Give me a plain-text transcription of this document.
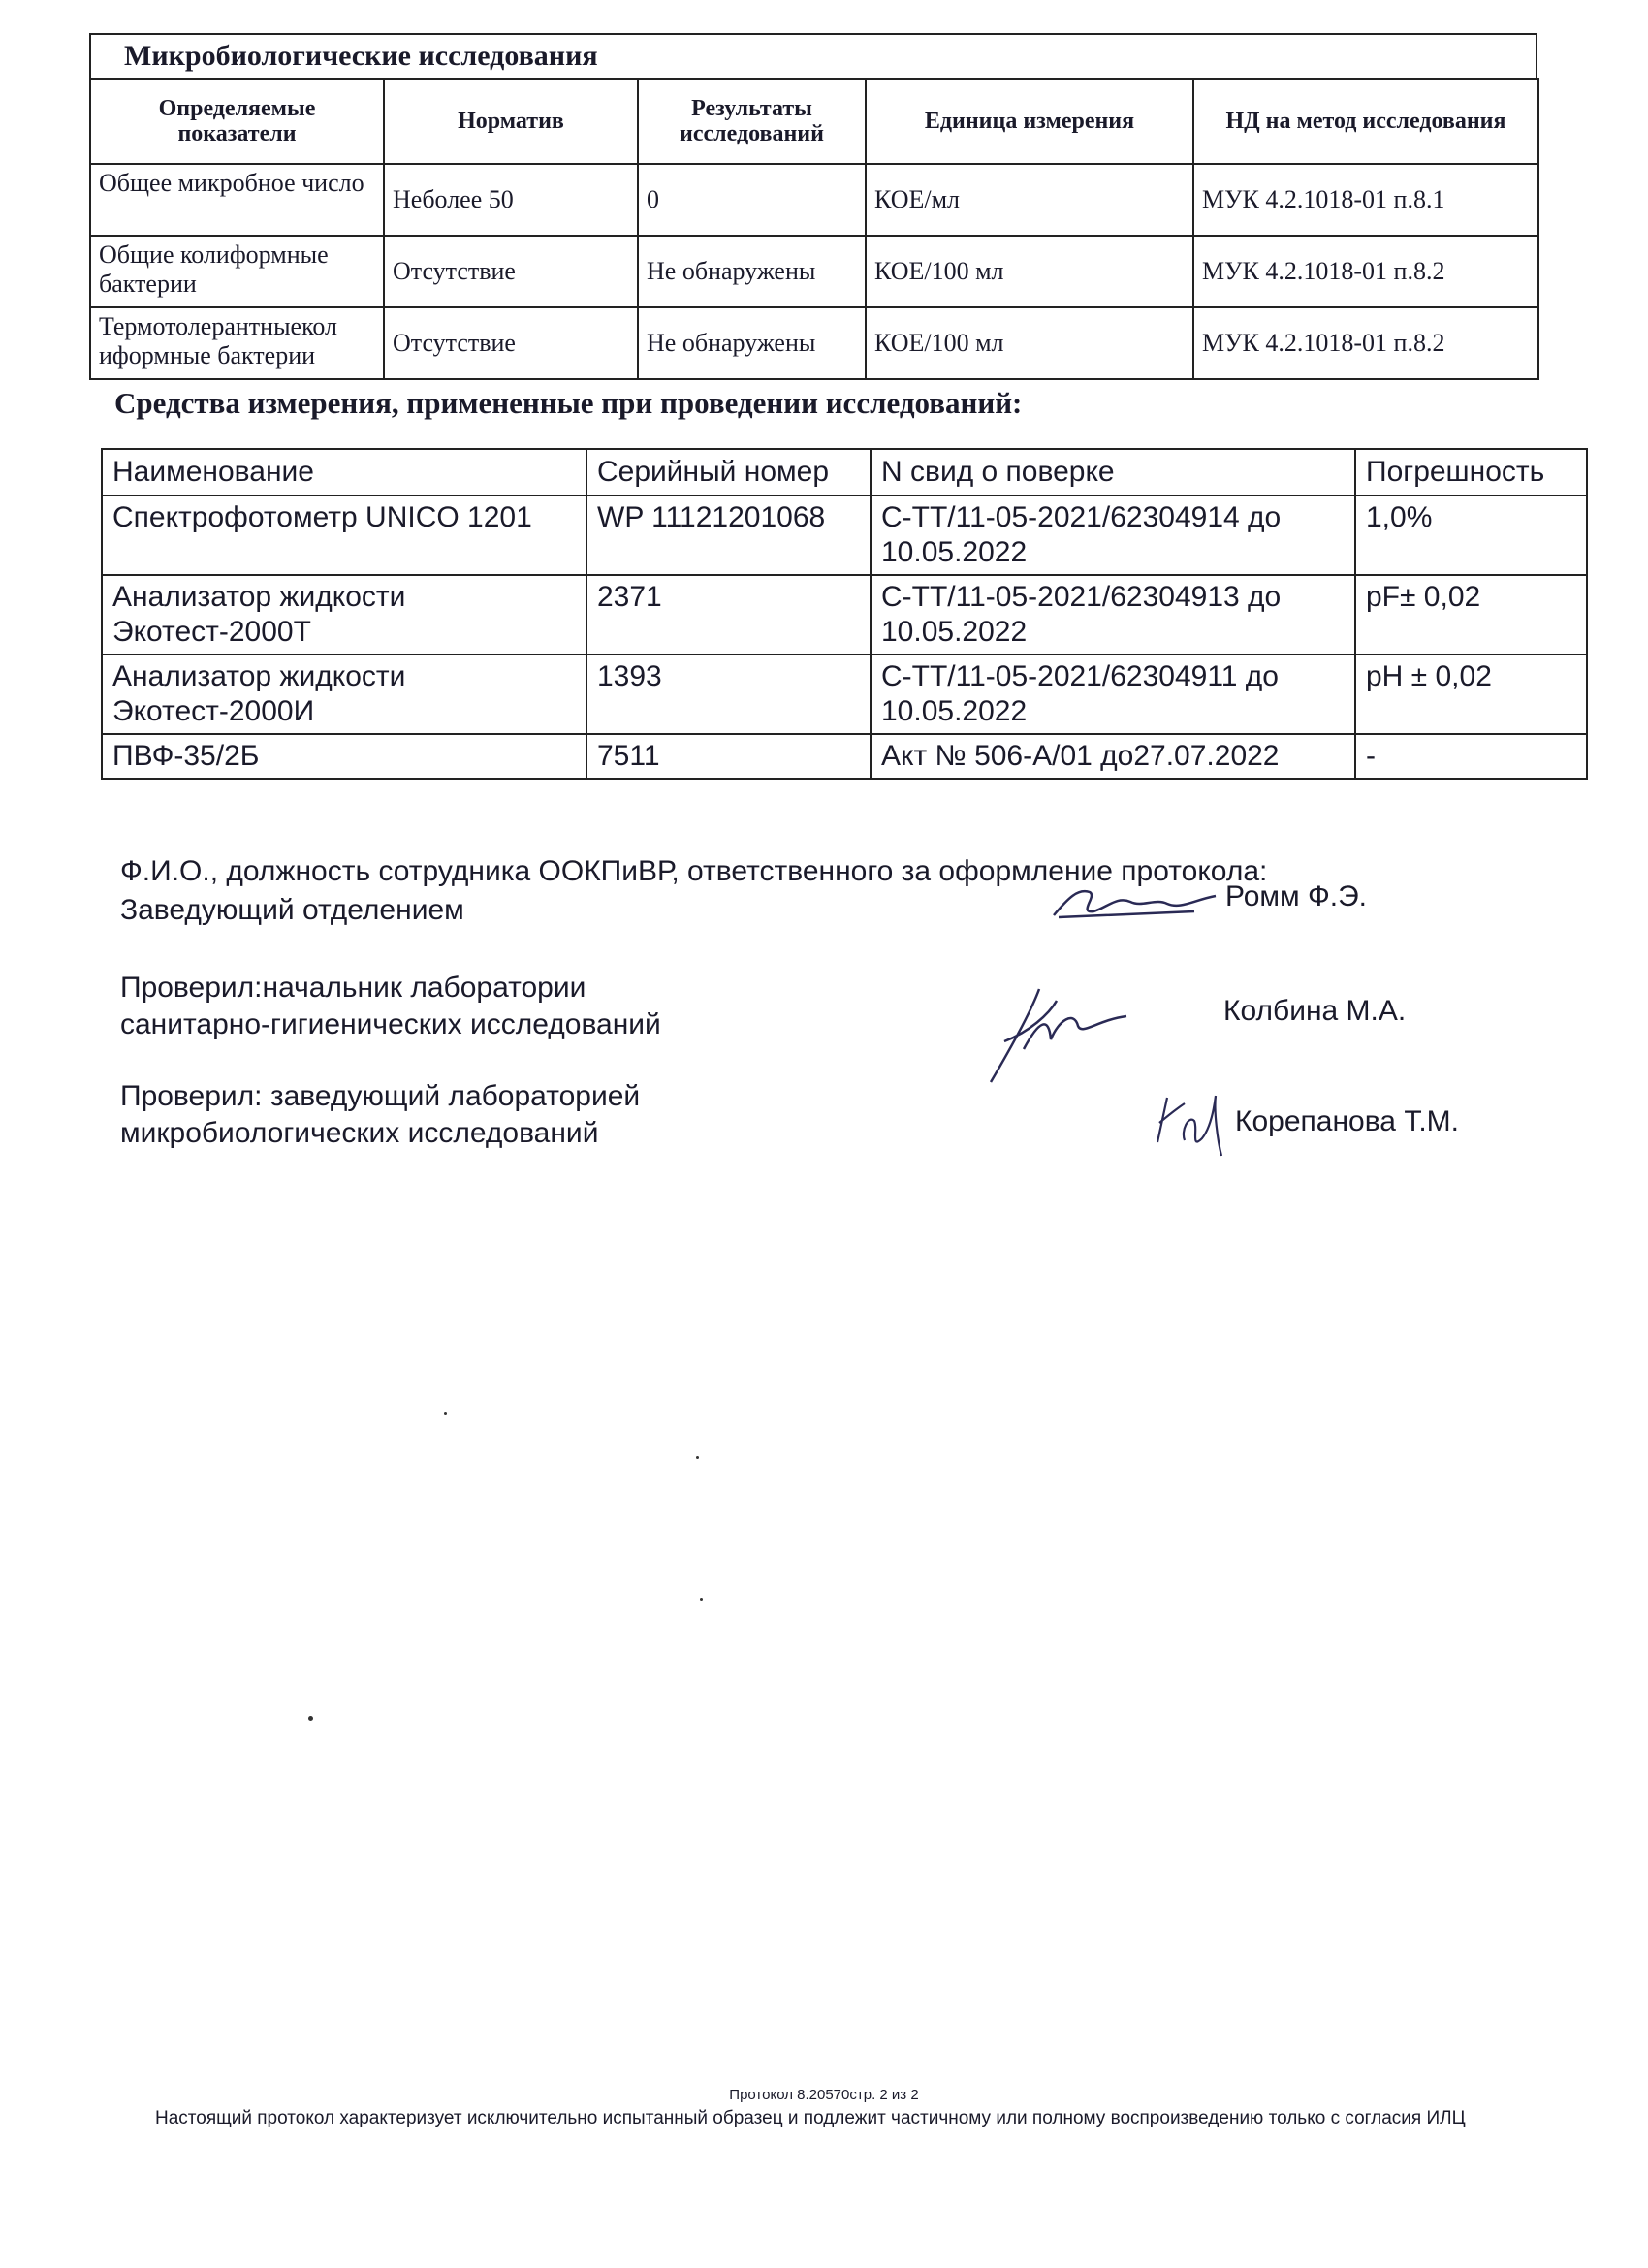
Микробиологические исследования
Определяемые показатели	Норматив	Результаты исследований	Единица измерения	НД на метод исследования
Общее микробное число	Неболее 50	0	КОЕ/мл	МУК 4.2.1018-01 п.8.1
Общие колиформные бактерии	Отсутствие	Не обнаружены	КОЕ/100 мл	МУК 4.2.1018-01 п.8.2
Термотолерантныекол иформные бактерии	Отсутствие	Не обнаружены	КОЕ/100 мл	МУК 4.2.1018-01 п.8.2
Средства измерения, примененные при проведении исследований:
Наименование	Серийный номер	N свид о поверке	Погрешность
Спектрофотометр UNICO 1201	WP 11121201068	С-ТТ/11-05-2021/62304914 до 10.05.2022	1,0%
Анализатор жидкости Экотест-2000Т	2371	С-ТТ/11-05-2021/62304913 до 10.05.2022	pF± 0,02
Анализатор жидкости Экотест-2000И	1393	С-ТТ/11-05-2021/62304911 до 10.05.2022	pH ± 0,02
ПВФ-35/2Б	7511	Акт № 506-А/01 до27.07.2022	-

Ф.И.О., должность сотрудника ООКПиВР, ответственного за оформление протокола:

Заведующий отделением	Ромм Ф.Э.

Проверил:начальник лаборатории

санитарно-гигиенических исследований	Колбина М.А.

Проверил: заведующий лабораторией

микробиологических исследований	Корепанова Т.М.

Протокол 8.20570стр. 2 из 2
Настоящий протокол характеризует исключительно испытанный образец и подлежит частичному или полному воспроизведению только с согласия ИЛЦ
